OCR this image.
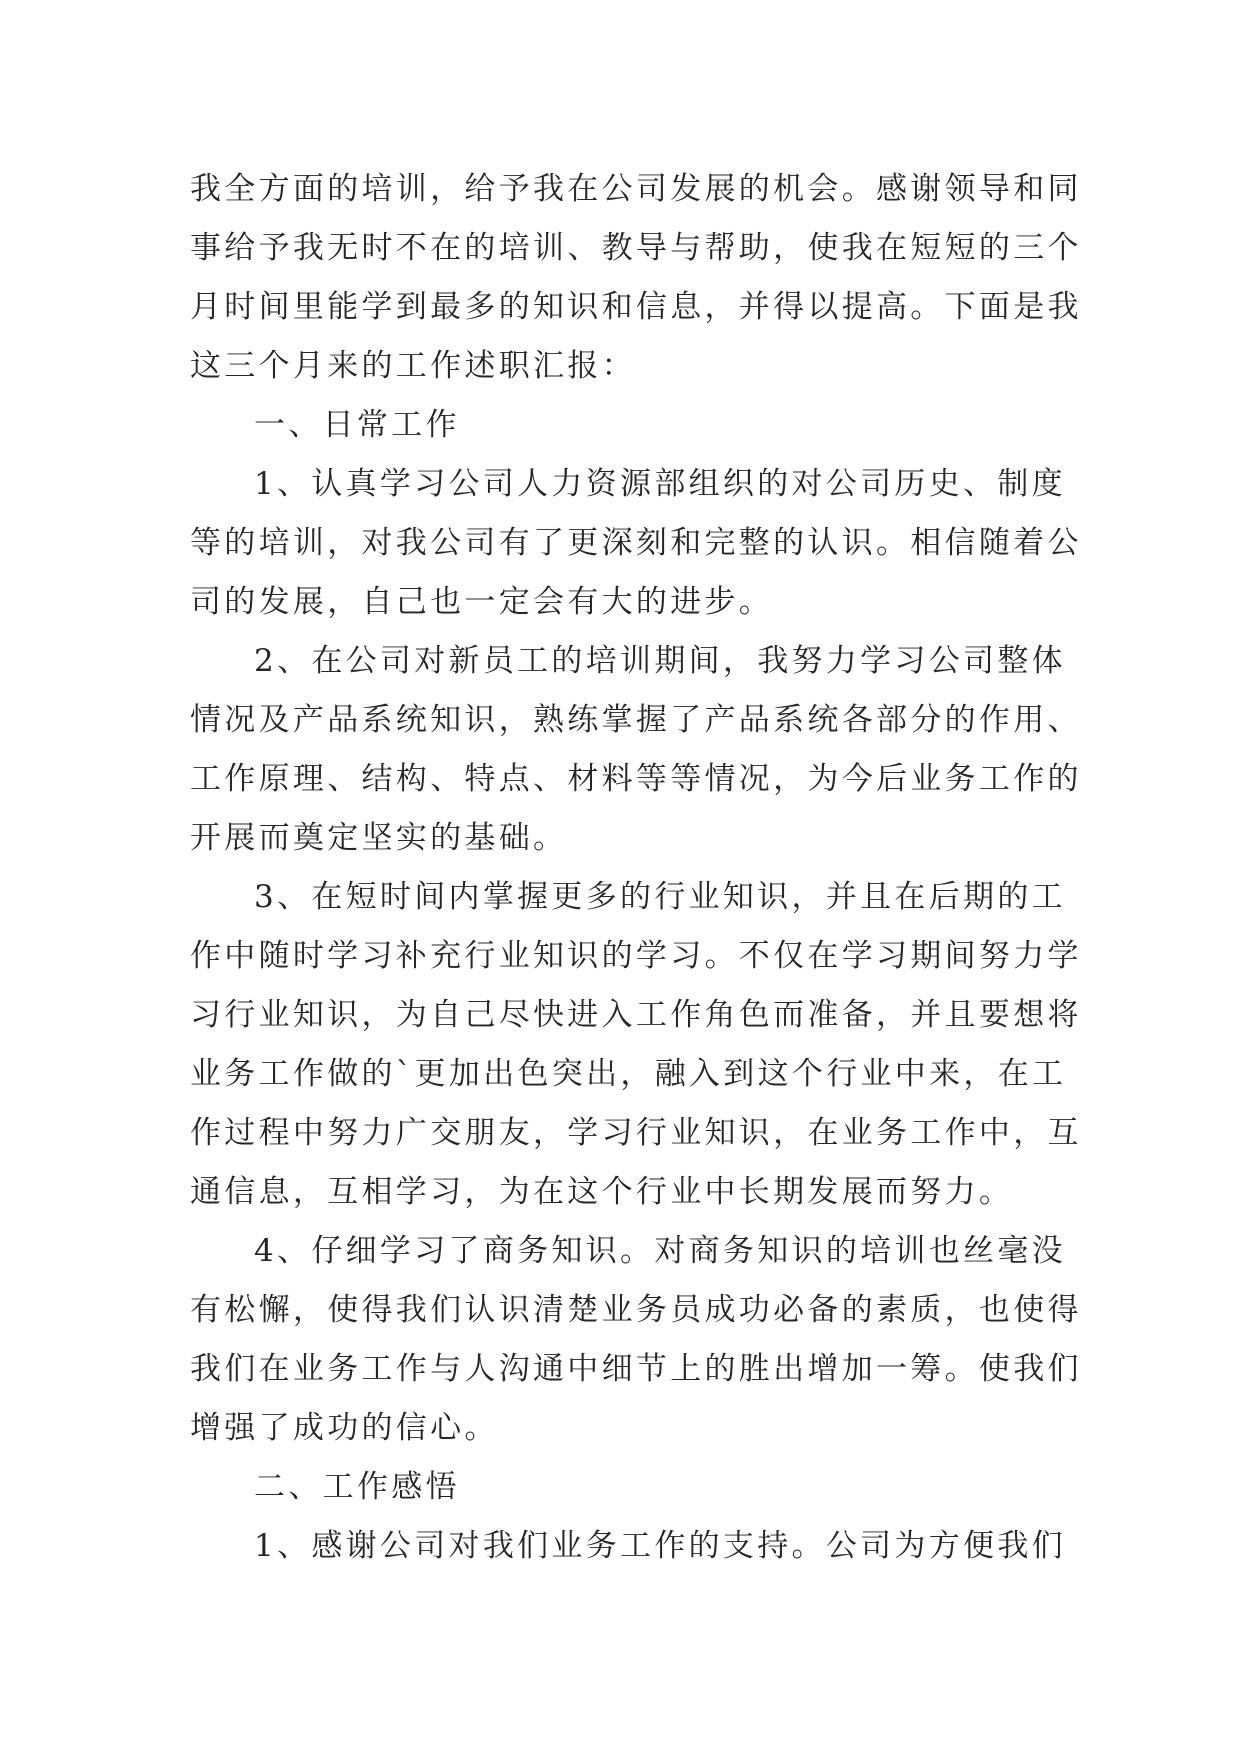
我全方面的培训，给予我在公司发展的机会。感谢领导和同
事给予我无时不在的培训、教导与帮助，使我在短短的三个
月时间里能学到最多的知识和信息，并得以提高。下面是我
这三个月来的工作述职汇报：
一、日常工作
1、认真学习公司人力资源部组织的对公司历史、制度
等的培训，对我公司有了更深刻和完整的认识。相信随着公
司的发展，自己也一定会有大的进步。
2、在公司对新员工的培训期间，我努力学习公司整体
情况及产品系统知识，熟练掌握了产品系统各部分的作用、
工作原理、结构、特点、材料等等情况，为今后业务工作的
开展而奠定坚实的基础。
3、在短时间内掌握更多的行业知识，并且在后期的工
作中随时学习补充行业知识的学习。不仅在学习期间努力学
习行业知识，为自己尽快进入工作角色而准备，并且要想将
业务工作做的`更加出色突出，融入到这个行业中来，在工
作过程中努力广交朋友，学习行业知识，在业务工作中，互
通信息，互相学习，为在这个行业中长期发展而努力。
4、仔细学习了商务知识。对商务知识的培训也丝毫没
有松懈，使得我们认识清楚业务员成功必备的素质，也使得
我们在业务工作与人沟通中细节上的胜出增加一筹。使我们
增强了成功的信心。
二、工作感悟
1、感谢公司对我们业务工作的支持。公司为方便我们
